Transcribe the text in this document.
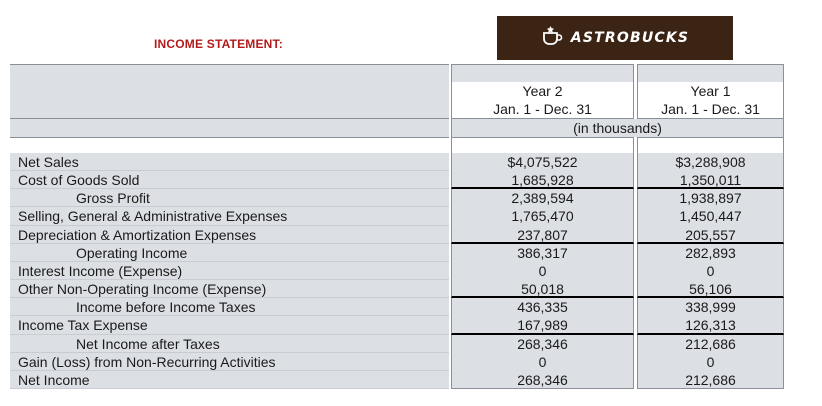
INCOME STATEMENT:	ASTROBUCKS
Year 2	Year 1
Jan. 1 - Dec. 31	Jan. 1 - Dec. 31
(in thousands)
Net Sales	$4,075,522	$3,288,908
Cost of Goods Sold	1,685,928	1,350,011
Gross Profit	2,389,594	1,938,897
Selling, General & Administrative Expenses	1,765,470	1,450,447
Depreciation & Amortization Expenses	237,807	205,557
Operating Income	386,317	282,893
Interest Income (Expense)	0	0
Other Non-Operating Income (Expense)	50,018	56,106
Income before Income Taxes	436,335	338,999
Income Tax Expense	167,989	126,313
Net Income after Taxes	268,346	212,686
Gain (Loss) from Non-Recurring Activities	0	0
Net Income	268,346	212,686
